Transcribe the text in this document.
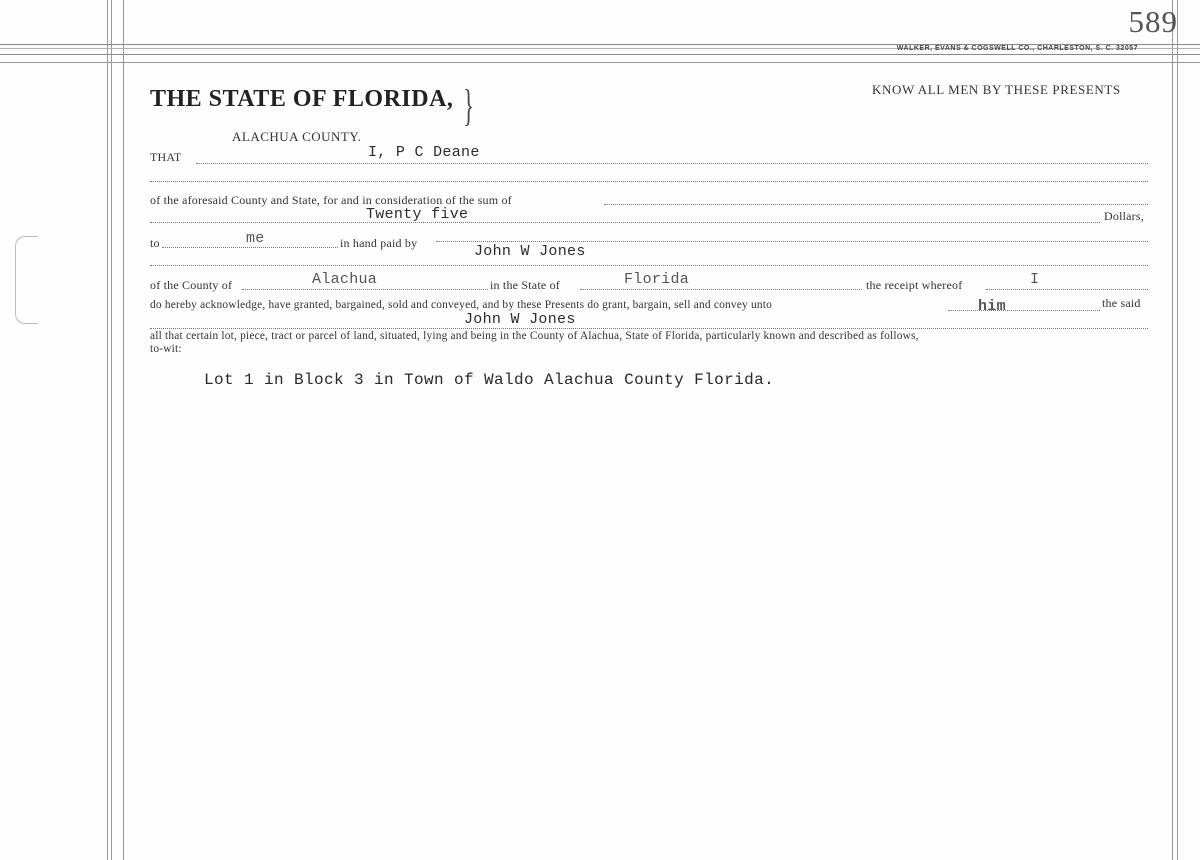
589
WALKER, EVANS & COGSWELL CO., CHARLESTON, S. C. 32057
KNOW ALL MEN BY THESE PRESENTS
THE STATE OF FLORIDA, }
ALACHUA COUNTY.
THAT	I, P C Deane
of the aforesaid County and State, for and in consideration of the sum of
Twenty five	Dollars,
to	me	in hand paid by	John W Jones
of the County of	Alachua	in the State of	Florida	the receipt whereof	I
do hereby acknowledge, have granted, bargained, sold and conveyed, and by these Presents do grant, bargain, sell and convey unto	him	the said
John W Jones
all that certain lot, piece, tract or parcel of land, situated, lying and being in the County of Alachua, State of Florida, particularly known and described as follows,
to-wit:
Lot 1 in Block 3 in Town of Waldo Alachua County Florida.
